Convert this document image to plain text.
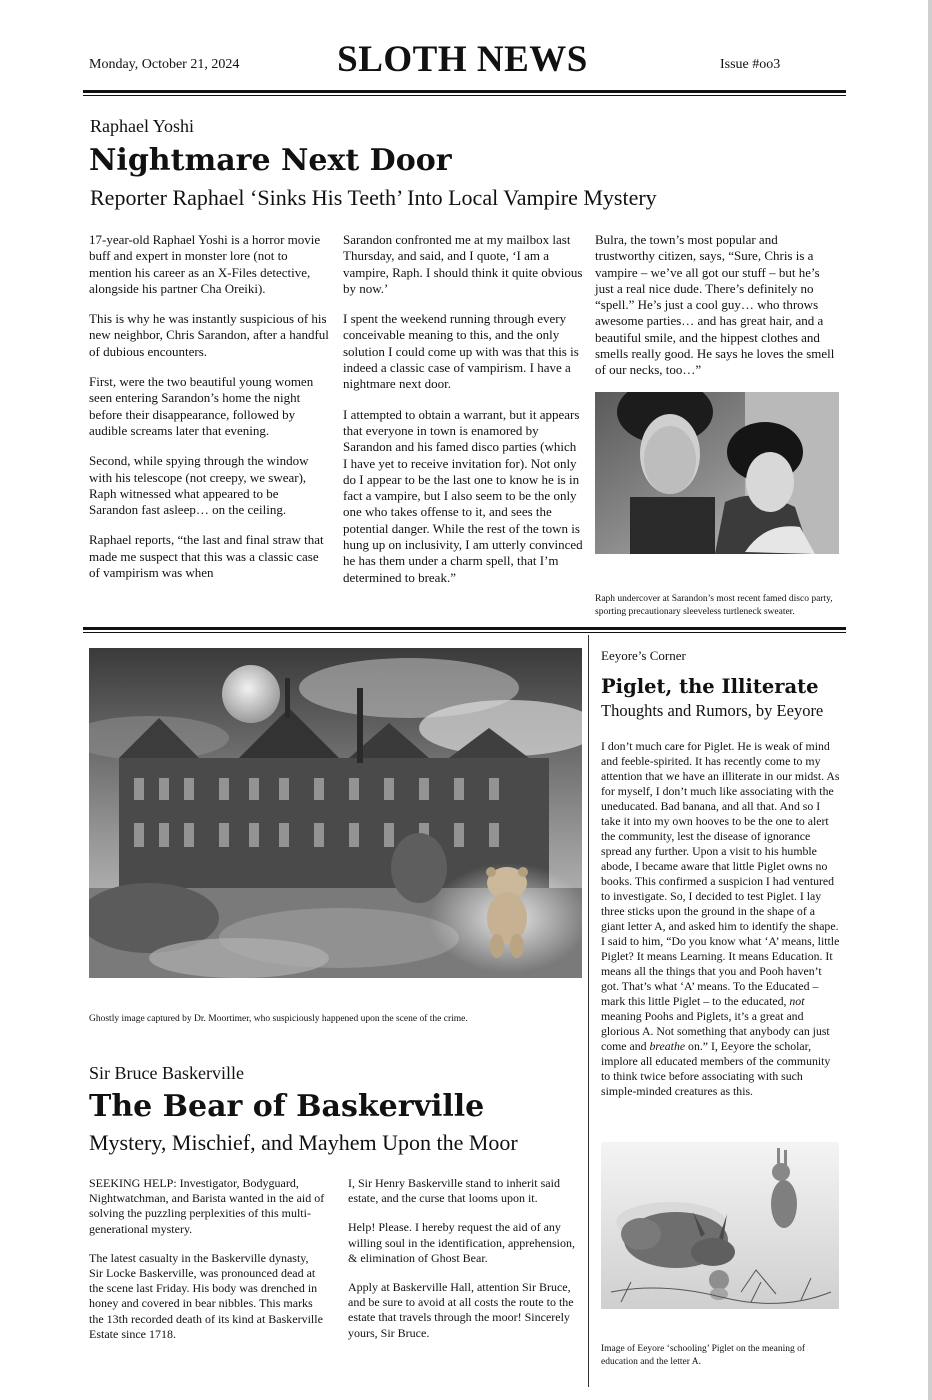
Monday, October 21, 2024	SLOTH NEWS	Issue #oo3
Raphael Yoshi
Nightmare Next Door
Reporter Raphael ‘Sinks His Teeth’ Into Local Vampire Mystery

17-year-old Raphael Yoshi is a horror movie buff and expert in monster lore (not to mention his career as an X-Files detective, alongside his partner Cha Oreiki).

This is why he was instantly suspicious of his new neighbor, Chris Sarandon, after a handful of dubious encounters.

First, were the two beautiful young women seen entering Sarandon’s home the night before their disappearance, followed by audible screams later that evening.

Second, while spying through the window with his telescope (not creepy, we swear), Raph witnessed what appeared to be Sarandon fast asleep… on the ceiling.

Raphael reports, “the last and final straw that made me suspect that this was a classic case of vampirism was when

Sarandon confronted me at my mailbox last Thursday, and said, and I quote, ‘I am a vampire, Raph. I should think it quite obvious by now.’

I spent the weekend running through every conceivable meaning to this, and the only solution I could come up with was that this is indeed a classic case of vampirism. I have a nightmare next door.

I attempted to obtain a warrant, but it appears that everyone in town is enamored by Sarandon and his famed disco parties (which I have yet to receive invitation for). Not only do I appear to be the last one to know he is in fact a vampire, but I also seem to be the only one who takes offense to it, and sees the potential danger. While the rest of the town is hung up on inclusivity, I am utterly convinced he has them under a charm spell, that I’m determined to break.”

Bulra, the town’s most popular and trustworthy citizen, says, “Sure, Chris is a vampire – we’ve all got our stuff – but he’s just a real nice dude. There’s definitely no “spell.” He’s just a cool guy… who throws awesome parties… and has great hair, and a beautiful smile, and the hippest clothes and smells really good. He says he loves the smell of our necks, too…”

Raph undercover at Sarandon’s most recent famed disco party, sporting precautionary sleeveless turtleneck sweater.
Ghostly image captured by Dr. Moortimer, who suspiciously happened upon the scene of the crime.
Sir Bruce Baskerville
The Bear of Baskerville
Mystery, Mischief, and Mayhem Upon the Moor

SEEKING HELP: Investigator, Bodyguard, Nightwatchman, and Barista wanted in the aid of solving the puzzling perplexities of this multi-generational mystery.

The latest casualty in the Baskerville dynasty, Sir Locke Baskerville, was pronounced dead at the scene last Friday. His body was drenched in honey and covered in bear nibbles. This marks the 13th recorded death of its kind at Baskerville Estate since 1718.

I, Sir Henry Baskerville stand to inherit said estate, and the curse that looms upon it.

Help! Please. I hereby request the aid of any willing soul in the identification, apprehension, & elimination of Ghost Bear.

Apply at Baskerville Hall, attention Sir Bruce, and be sure to avoid at all costs the route to the estate that travels through the moor! Sincerely yours, Sir Bruce.

Eeyore’s Corner
Piglet, the Illiterate
Thoughts and Rumors, by Eeyore
I don’t much care for Piglet. He is weak of mind and feeble-spirited. It has recently come to my attention that we have an illiterate in our midst. As for myself, I don’t much like associating with the uneducated. Bad banana, and all that. And so I take it into my own hooves to be the one to alert the community, lest the disease of ignorance spread any further. Upon a visit to his humble abode, I became aware that little Piglet owns no books. This confirmed a suspicion I had ventured to investigate. So, I decided to test Piglet. I lay three sticks upon the ground in the shape of a giant letter A, and asked him to identify the shape. I said to him, “Do you know what ‘A’ means, little Piglet? It means Learning. It means Education. It means all the things that you and Pooh haven’t got. That’s what ‘A’ means. To the Educated – mark this little Piglet – to the educated, not meaning Poohs and Piglets, it’s a great and glorious A. Not something that anybody can just come and breathe on.” I, Eeyore the scholar, implore all educated members of the community to think twice before associating with such simple-minded creatures as this.
Image of Eeyore ‘schooling’ Piglet on the meaning of education and the letter A.
